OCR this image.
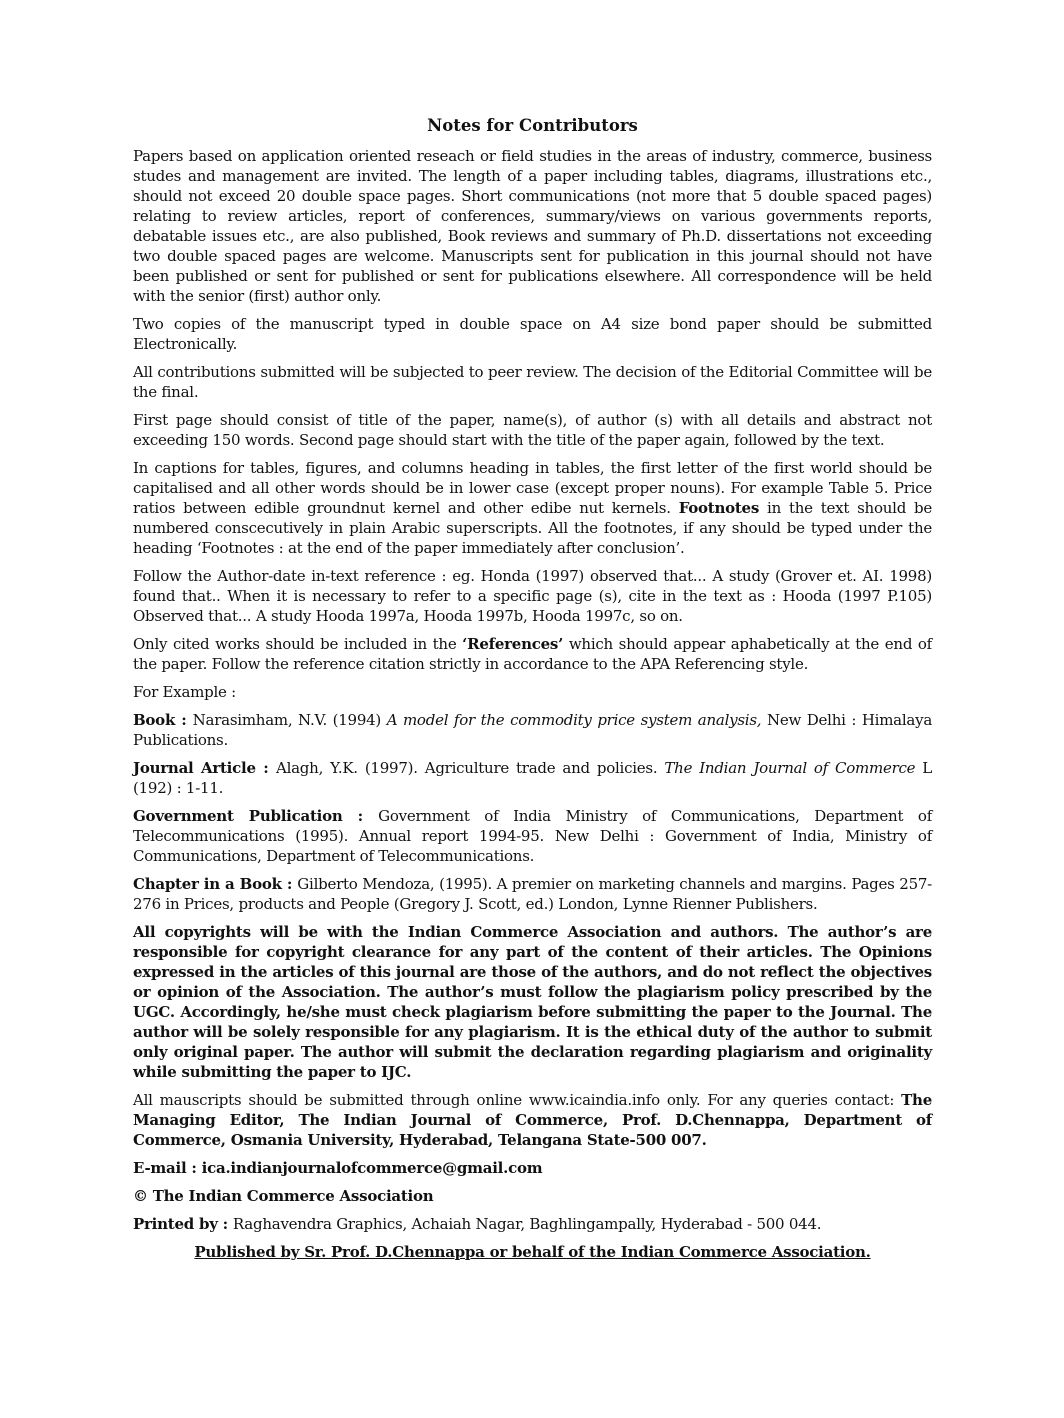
Notes for Contributors

Papers based on application oriented reseach or field studies in the areas of industry, commerce, business studes and management are invited. The length of a paper including tables, diagrams, illustrations etc., should not exceed 20 double space pages. Short communications (not more that 5 double spaced pages) relating to review articles, report of conferences, summary/views on various governments reports, debatable issues etc., are also published, Book reviews and summary of Ph.D. dissertations not exceeding two double spaced pages are welcome. Manuscripts sent for publication in this journal should not have been published or sent for published or sent for publications elsewhere. All correspondence will be held with the senior (first) author only.

Two copies of the manuscript typed in double space on A4 size bond paper should be submitted Electronically.

All contributions submitted will be subjected to peer review. The decision of the Editorial Committee will be the final.

First page should consist of title of the paper, name(s), of author (s) with all details and abstract not exceeding 150 words. Second page should start with the title of the paper again, followed by the text.

In captions for tables, figures, and columns heading in tables, the first letter of the first world should be capitalised and all other words should be in lower case (except proper nouns). For example Table 5. Price ratios between edible groundnut kernel and other edibe nut kernels. Footnotes in the text should be numbered conscecutively in plain Arabic superscripts. All the footnotes, if any should be typed under the heading ‘Footnotes : at the end of the paper immediately after conclusion’.

Follow the Author-date in-text reference : eg. Honda (1997) observed that... A study (Grover et. AI. 1998) found that.. When it is necessary to refer to a specific page (s), cite in the text as : Hooda (1997 P.105) Observed that... A study Hooda 1997a, Hooda 1997b, Hooda 1997c, so on.

Only cited works should be included in the ‘References’ which should appear aphabetically at the end of the paper. Follow the reference citation strictly in accordance to the APA Referencing style.

For Example :

Book : Narasimham, N.V. (1994) A model for the commodity price system analysis, New Delhi : Himalaya Publications.

Journal Article : Alagh, Y.K. (1997). Agriculture trade and policies. The Indian Journal of Commerce L (192) : 1-11.

Government Publication : Government of India Ministry of Communications, Department of Telecommunications (1995). Annual report 1994-95. New Delhi : Government of India, Ministry of Communications, Department of Telecommunications.

Chapter in a Book : Gilberto Mendoza, (1995). A premier on marketing channels and margins. Pages 257-276 in Prices, products and People (Gregory J. Scott, ed.) London, Lynne Rienner Publishers.

All copyrights will be with the Indian Commerce Association and authors. The author’s are responsible for copyright clearance for any part of the content of their articles. The Opinions expressed in the articles of this journal are those of the authors, and do not reflect the objectives or opinion of the Association. The author’s must follow the plagiarism policy prescribed by the UGC. Accordingly, he/she must check plagiarism before submitting the paper to the Journal. The author will be solely responsible for any plagiarism. It is the ethical duty of the author to submit only original paper. The author will submit the declaration regarding plagiarism and originality while submitting the paper to IJC.

All mauscripts should be submitted through online www.icaindia.info only. For any queries contact: The Managing Editor, The Indian Journal of Commerce, Prof. D.Chennappa, Department of Commerce, Osmania University, Hyderabad, Telangana State-500 007.

E-mail : ica.indianjournalofcommerce@gmail.com

© The Indian Commerce Association

Printed by : Raghavendra Graphics, Achaiah Nagar, Baghlingampally, Hyderabad - 500 044.

Published by Sr. Prof. D.Chennappa or behalf of the Indian Commerce Association.
